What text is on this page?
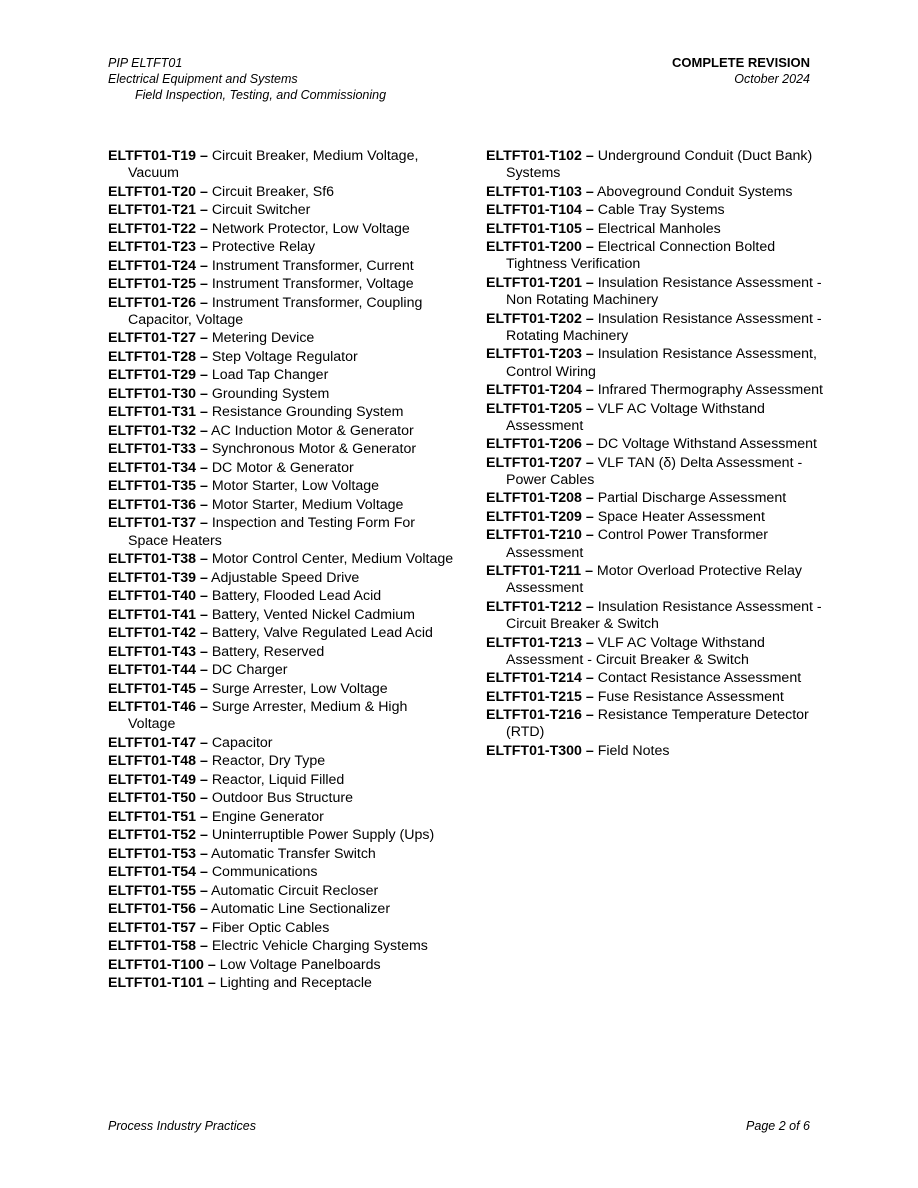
PIP ELTFT01
Electrical Equipment and Systems
Field Inspection, Testing, and Commissioning
COMPLETE REVISION
October 2024
ELTFT01-T19 – Circuit Breaker, Medium Voltage, Vacuum
ELTFT01-T20 – Circuit Breaker, Sf6
ELTFT01-T21 – Circuit Switcher
ELTFT01-T22 – Network Protector, Low Voltage
ELTFT01-T23 – Protective Relay
ELTFT01-T24 – Instrument Transformer, Current
ELTFT01-T25 – Instrument Transformer, Voltage
ELTFT01-T26 – Instrument Transformer, Coupling Capacitor, Voltage
ELTFT01-T27 – Metering Device
ELTFT01-T28 – Step Voltage Regulator
ELTFT01-T29 – Load Tap Changer
ELTFT01-T30 – Grounding System
ELTFT01-T31 – Resistance Grounding System
ELTFT01-T32 – AC Induction Motor & Generator
ELTFT01-T33 – Synchronous Motor & Generator
ELTFT01-T34 – DC Motor & Generator
ELTFT01-T35 – Motor Starter, Low Voltage
ELTFT01-T36 – Motor Starter, Medium Voltage
ELTFT01-T37 – Inspection and Testing Form For Space Heaters
ELTFT01-T38 – Motor Control Center, Medium Voltage
ELTFT01-T39 – Adjustable Speed Drive
ELTFT01-T40 – Battery, Flooded Lead Acid
ELTFT01-T41 – Battery, Vented Nickel Cadmium
ELTFT01-T42 – Battery, Valve Regulated Lead Acid
ELTFT01-T43 – Battery, Reserved
ELTFT01-T44 – DC Charger
ELTFT01-T45 – Surge Arrester, Low Voltage
ELTFT01-T46 – Surge Arrester, Medium & High Voltage
ELTFT01-T47 – Capacitor
ELTFT01-T48 – Reactor, Dry Type
ELTFT01-T49 – Reactor, Liquid Filled
ELTFT01-T50 – Outdoor Bus Structure
ELTFT01-T51 – Engine Generator
ELTFT01-T52 – Uninterruptible Power Supply (Ups)
ELTFT01-T53 – Automatic Transfer Switch
ELTFT01-T54 – Communications
ELTFT01-T55 – Automatic Circuit Recloser
ELTFT01-T56 – Automatic Line Sectionalizer
ELTFT01-T57 – Fiber Optic Cables
ELTFT01-T58 – Electric Vehicle Charging Systems
ELTFT01-T100 – Low Voltage Panelboards
ELTFT01-T101 – Lighting and Receptacle
ELTFT01-T102 – Underground Conduit (Duct Bank) Systems
ELTFT01-T103 – Aboveground Conduit Systems
ELTFT01-T104 – Cable Tray Systems
ELTFT01-T105 – Electrical Manholes
ELTFT01-T200 – Electrical Connection Bolted Tightness Verification
ELTFT01-T201 – Insulation Resistance Assessment - Non Rotating Machinery
ELTFT01-T202 – Insulation Resistance Assessment - Rotating Machinery
ELTFT01-T203 – Insulation Resistance Assessment, Control Wiring
ELTFT01-T204 – Infrared Thermography Assessment
ELTFT01-T205 – VLF AC Voltage Withstand Assessment
ELTFT01-T206 – DC Voltage Withstand Assessment
ELTFT01-T207 – VLF TAN (δ) Delta Assessment - Power Cables
ELTFT01-T208 – Partial Discharge Assessment
ELTFT01-T209 – Space Heater Assessment
ELTFT01-T210 – Control Power Transformer Assessment
ELTFT01-T211 – Motor Overload Protective Relay Assessment
ELTFT01-T212 – Insulation Resistance Assessment - Circuit Breaker & Switch
ELTFT01-T213 – VLF AC Voltage Withstand Assessment - Circuit Breaker & Switch
ELTFT01-T214 – Contact Resistance Assessment
ELTFT01-T215 – Fuse Resistance Assessment
ELTFT01-T216 – Resistance Temperature Detector (RTD)
ELTFT01-T300 – Field Notes
Process Industry Practices	Page 2 of 6
